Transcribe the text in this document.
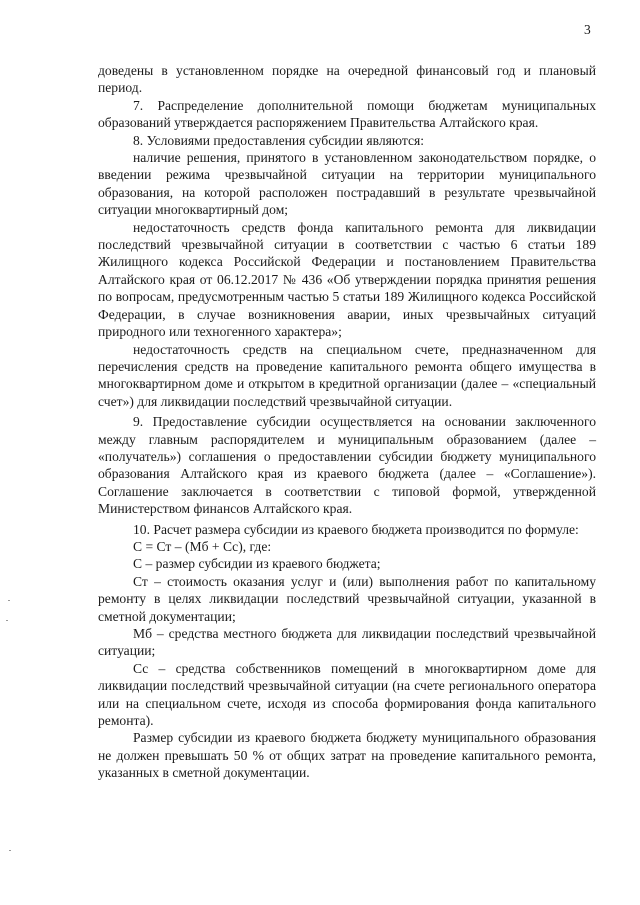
3

доведены в установленном порядке на очередной финансовый год и плановый период.

7. Распределение дополнительной помощи бюджетам муниципальных образований утверждается распоряжением Правительства Алтайского края.

8. Условиями предоставления субсидии являются:

наличие решения, принятого в установленном законодательством порядке, о введении режима чрезвычайной ситуации на территории муниципального образования, на которой расположен пострадавший в результате чрезвычайной ситуации многоквартирный дом;

недостаточность средств фонда капитального ремонта для ликвидации последствий чрезвычайной ситуации в соответствии с частью 6 статьи 189 Жилищного кодекса Российской Федерации и постановлением Правительства Алтайского края от 06.12.2017 № 436 «Об утверждении порядка принятия решения по вопросам, предусмотренным частью 5 статьи 189 Жилищного кодекса Российской Федерации, в случае возникновения аварии, иных чрезвычайных ситуаций природного или техногенного характера»;

недостаточность средств на специальном счете, предназначенном для перечисления средств на проведение капитального ремонта общего имущества в многоквартирном доме и открытом в кредитной организации (далее – «специальный счет») для ликвидации последствий чрезвычайной ситуации.

9. Предоставление субсидии осуществляется на основании заключенного между главным распорядителем и муниципальным образованием (далее – «получатель») соглашения о предоставлении субсидии бюджету муниципального образования Алтайского края из краевого бюджета (далее – «Соглашение»). Соглашение заключается в соответствии с типовой формой, утвержденной Министерством финансов Алтайского края.

10. Расчет размера субсидии из краевого бюджета производится по формуле:

С = Ст – (Мб + Сс), где:

С – размер субсидии из краевого бюджета;

Ст – стоимость оказания услуг и (или) выполнения работ по капитальному ремонту в целях ликвидации последствий чрезвычайной ситуации, указанной в сметной документации;

Мб – средства местного бюджета для ликвидации последствий чрезвычайной ситуации;

Сс – средства собственников помещений в многоквартирном доме для ликвидации последствий чрезвычайной ситуации (на счете регионального оператора или на специальном счете, исходя из способа формирования фонда капитального ремонта).

Размер субсидии из краевого бюджета бюджету муниципального образования не должен превышать 50 % от общих затрат на проведение капитального ремонта, указанных в сметной документации.
